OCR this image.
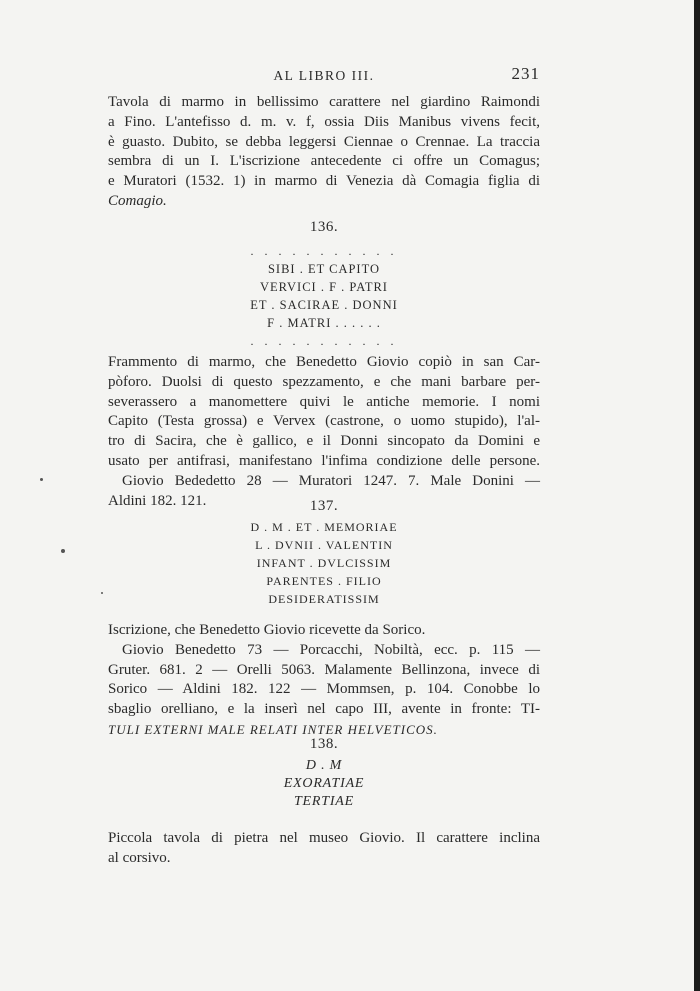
AL LIBRO III.	231
Tavola di marmo in bellissimo carattere nel giardino Raimondi
a Fino. L'antefisso d. m. v. f, ossia Diis Manibus vivens fecit,
è guasto. Dubito, se debba leggersi Ciennae o Crennae. La traccia
sembra di un I. L'iscrizione antecedente ci offre un Comagus;
e Muratori (1532. 1) in marmo di Venezia dà Comagia figlia di
Comagio.
136.
. . . . . . . . . . .
SIBI . ET CAPITO
VERVICI . F . PATRI
ET . SACIRAE . DONNI
F . MATRI . . . . . .
. . . . . . . . . . .
Frammento di marmo, che Benedetto Giovio copiò in san Car-
pòforo. Duolsi di questo spezzamento, e che mani barbare per-
severassero a manomettere quivi le antiche memorie. I nomi
Capito (Testa grossa) e Vervex (castrone, o uomo stupido), l'al-
tro di Sacira, che è gallico, e il Donni sincopato da Domini e
usato per antifrasi, manifestano l'infima condizione delle persone.
Giovio Bededetto 28 — Muratori 1247. 7. Male Donini —
Aldini 182. 121.	137.
D . M . ET . MEMORIAE
L . DVNII . VALENTIN
INFANT . DVLCISSIM
PARENTES . FILIO
DESIDERATISSIM
Iscrizione, che Benedetto Giovio ricevette da Sorico.
Giovio Benedetto 73 — Porcacchi, Nobiltà, ecc. p. 115 —
Gruter. 681. 2 — Orelli 5063. Malamente Bellinzona, invece di
Sorico — Aldini 182. 122 — Mommsen, p. 104. Conobbe lo
sbaglio orelliano, e la inserì nel capo III, avente in fronte: TI-
TULI EXTERNI MALE RELATI INTER HELVETICOS.
138.
D . M
EXORATIAE
TERTIAE
Piccola tavola di pietra nel museo Giovio. Il carattere inclina
al corsivo.
